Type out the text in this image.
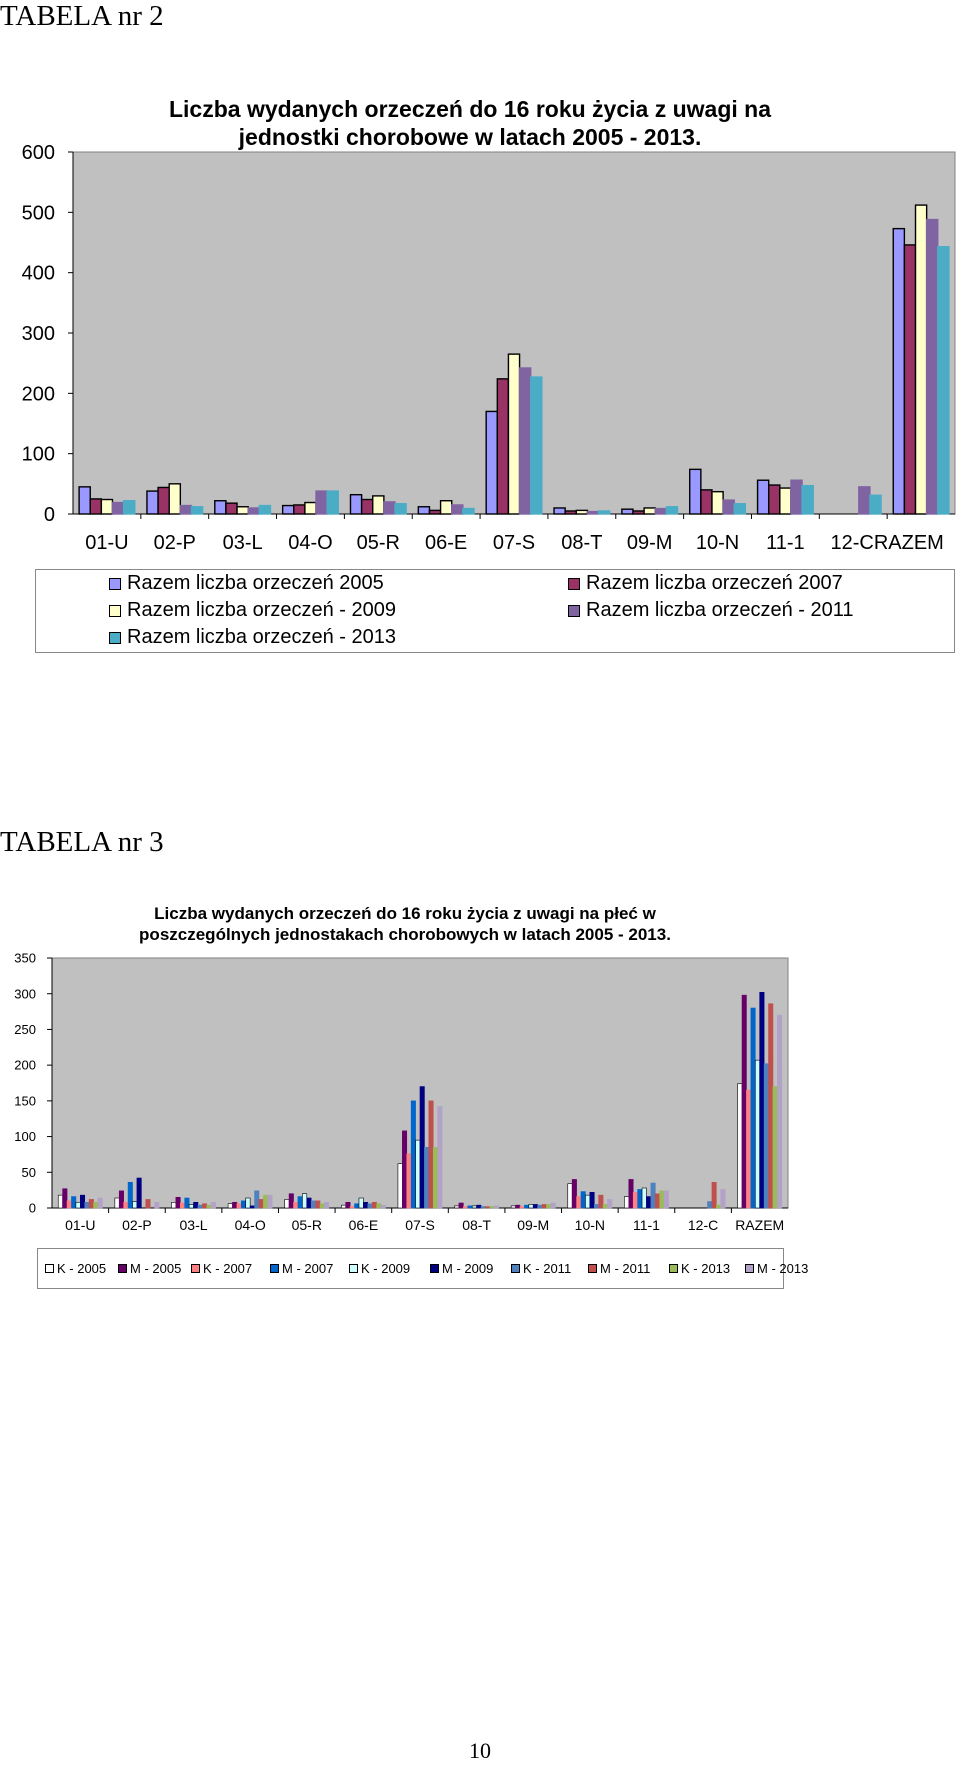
TABELA nr 2
Liczba wydanych orzeczeń do 16 roku życia z uwagi na jednostki chorobowe w latach 2005 - 2013.
0
100
200
300
400
500
600
01-U 02-P 03-L 04-O 05-R 06-E 07-S 08-T 09-M 10-N 11-1 12-CRAZEM
Razem liczba orzeczeń 2005	Razem liczba orzeczeń 2007
Razem liczba orzeczeń - 2009	Razem liczba orzeczeń - 2011
Razem liczba orzeczeń - 2013
TABELA nr 3
Liczba wydanych orzeczeń do 16 roku życia z uwagi na płeć w poszczególnych jednostakach chorobowych w latach 2005 - 2013.
0
50
100
150
200
250
300
350
01-U 02-P 03-L 04-O 05-R 06-E 07-S 08-T 09-M 10-N 11-1 12-C RAZEM
K - 2005 M - 2005 K - 2007 M - 2007 K - 2009 M - 2009 K - 2011 M - 2011 K - 2013 M - 2013
10
